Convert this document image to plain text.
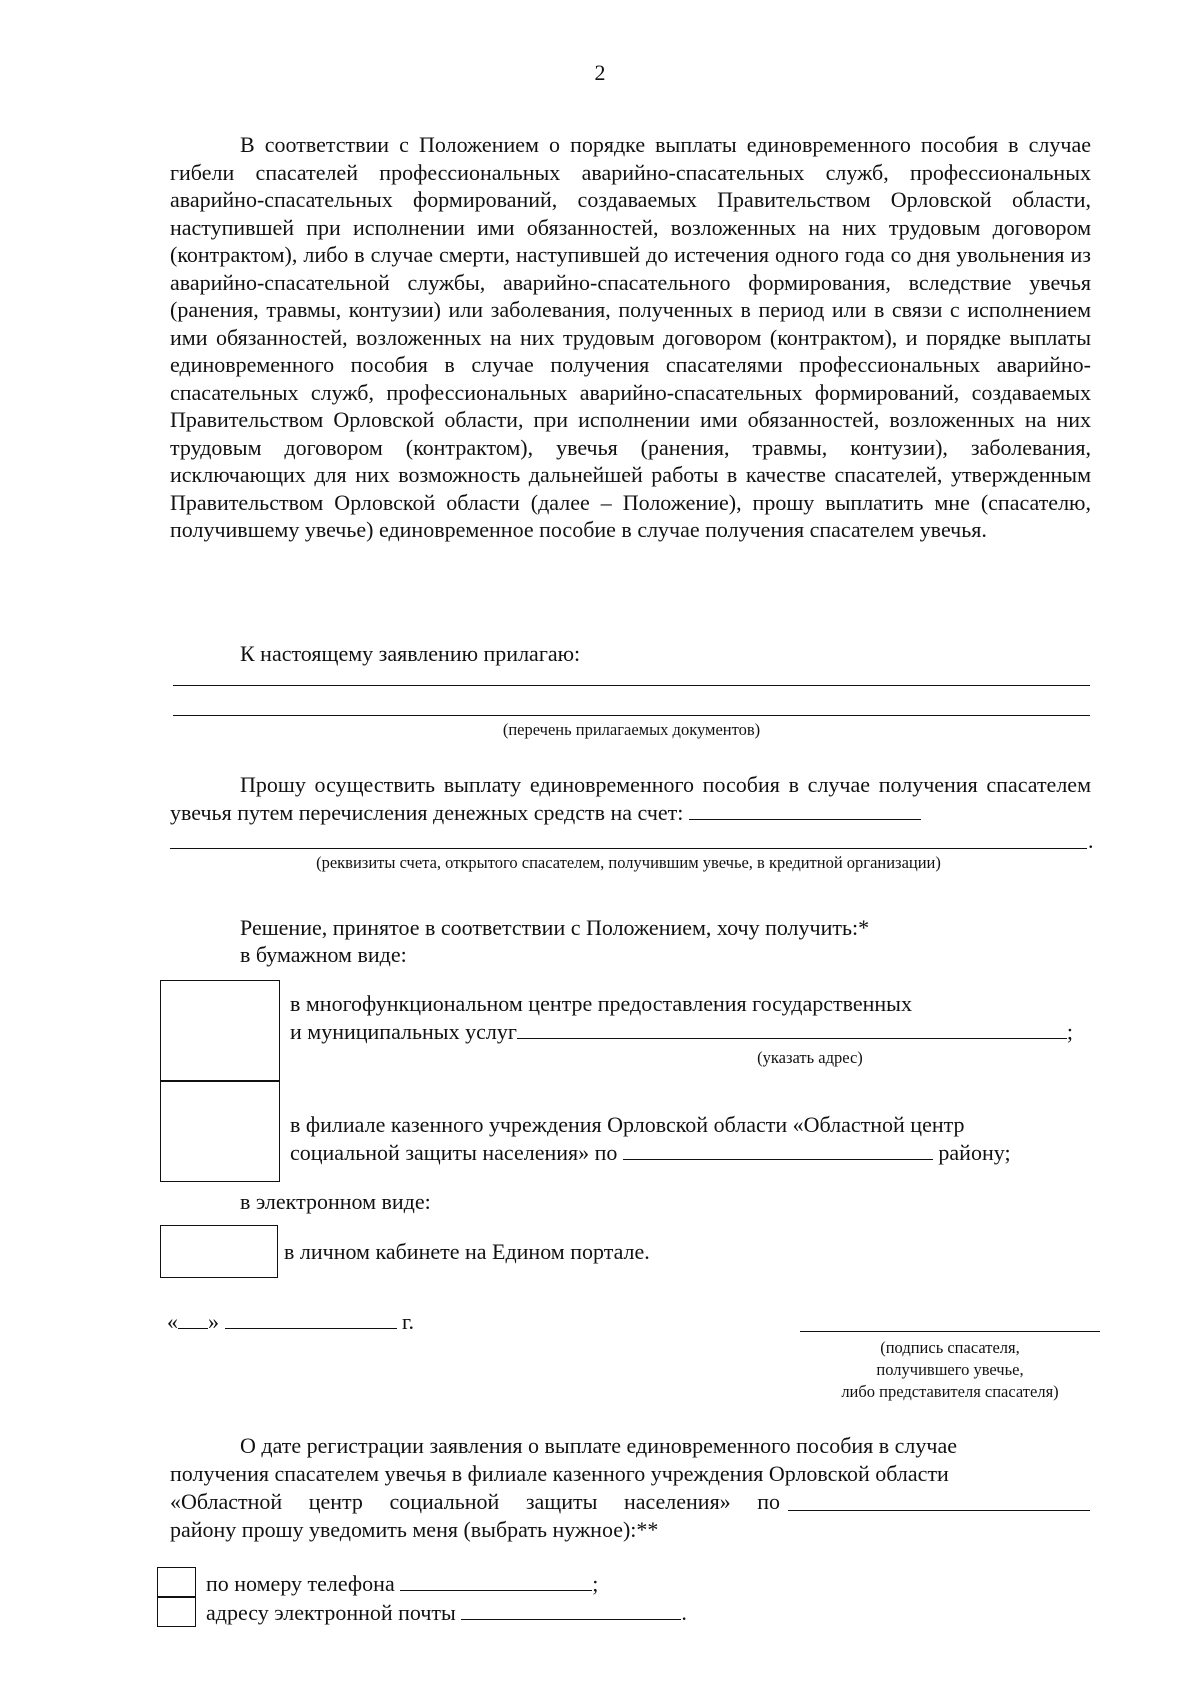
2

В соответствии с Положением о порядке выплаты единовременного пособия в случае гибели спасателей профессиональных аварийно-спасательных служб, профессиональных аварийно-спасательных формирований, создаваемых Правительством Орловской области, наступившей при исполнении ими обязанностей, возложенных на них трудовым договором (контрактом), либо в случае смерти, наступившей до истечения одного года со дня увольнения из аварийно-спасательной службы, аварийно-спасательного формирования, вследствие увечья (ранения, травмы, контузии) или заболевания, полученных в период или в связи с исполнением ими обязанностей, возложенных на них трудовым договором (контрактом), и порядке выплаты единовременного пособия в случае получения спасателями профессиональных аварийно-спасательных служб, профессиональных аварийно-спасательных формирований, создаваемых Правительством Орловской области, при исполнении ими обязанностей, возложенных на них трудовым договором (контрактом), увечья (ранения, травмы, контузии), заболевания, исключающих для них возможность дальнейшей работы в качестве спасателей, утвержденным Правительством Орловской области (далее – Положение), прошу выплатить мне (спасателю, получившему увечье) единовременное пособие в случае получения спасателем увечья.

К настоящему заявлению прилагаю:
(перечень прилагаемых документов)

Прошу осуществить выплату единовременного пособия в случае получения спасателем увечья путем перечисления денежных средств на счет:

.
(реквизиты счета, открытого спасателем, получившим увечье, в кредитной организации)
Решение, принятое в соответствии с Положением, хочу получить:*
в бумажном виде:
в многофункциональном центре предоставления государственных
и муниципальных услуг	;
(указать адрес)
в филиале казенного учреждения Орловской области «Областной центр
социальной защиты населения» по	району;
в электронном виде:
в личном кабинете на Едином портале.
« »	г.
(подпись спасателя,
получившего увечье,
либо представителя спасателя)
О дате регистрации заявления о выплате единовременного пособия в случае
получения спасателем увечья в филиале казенного учреждения Орловской области
«Областной центр социальной защиты населения» по
району прошу уведомить меня (выбрать нужное):**
по номеру телефона	;
адресу электронной почты	.
